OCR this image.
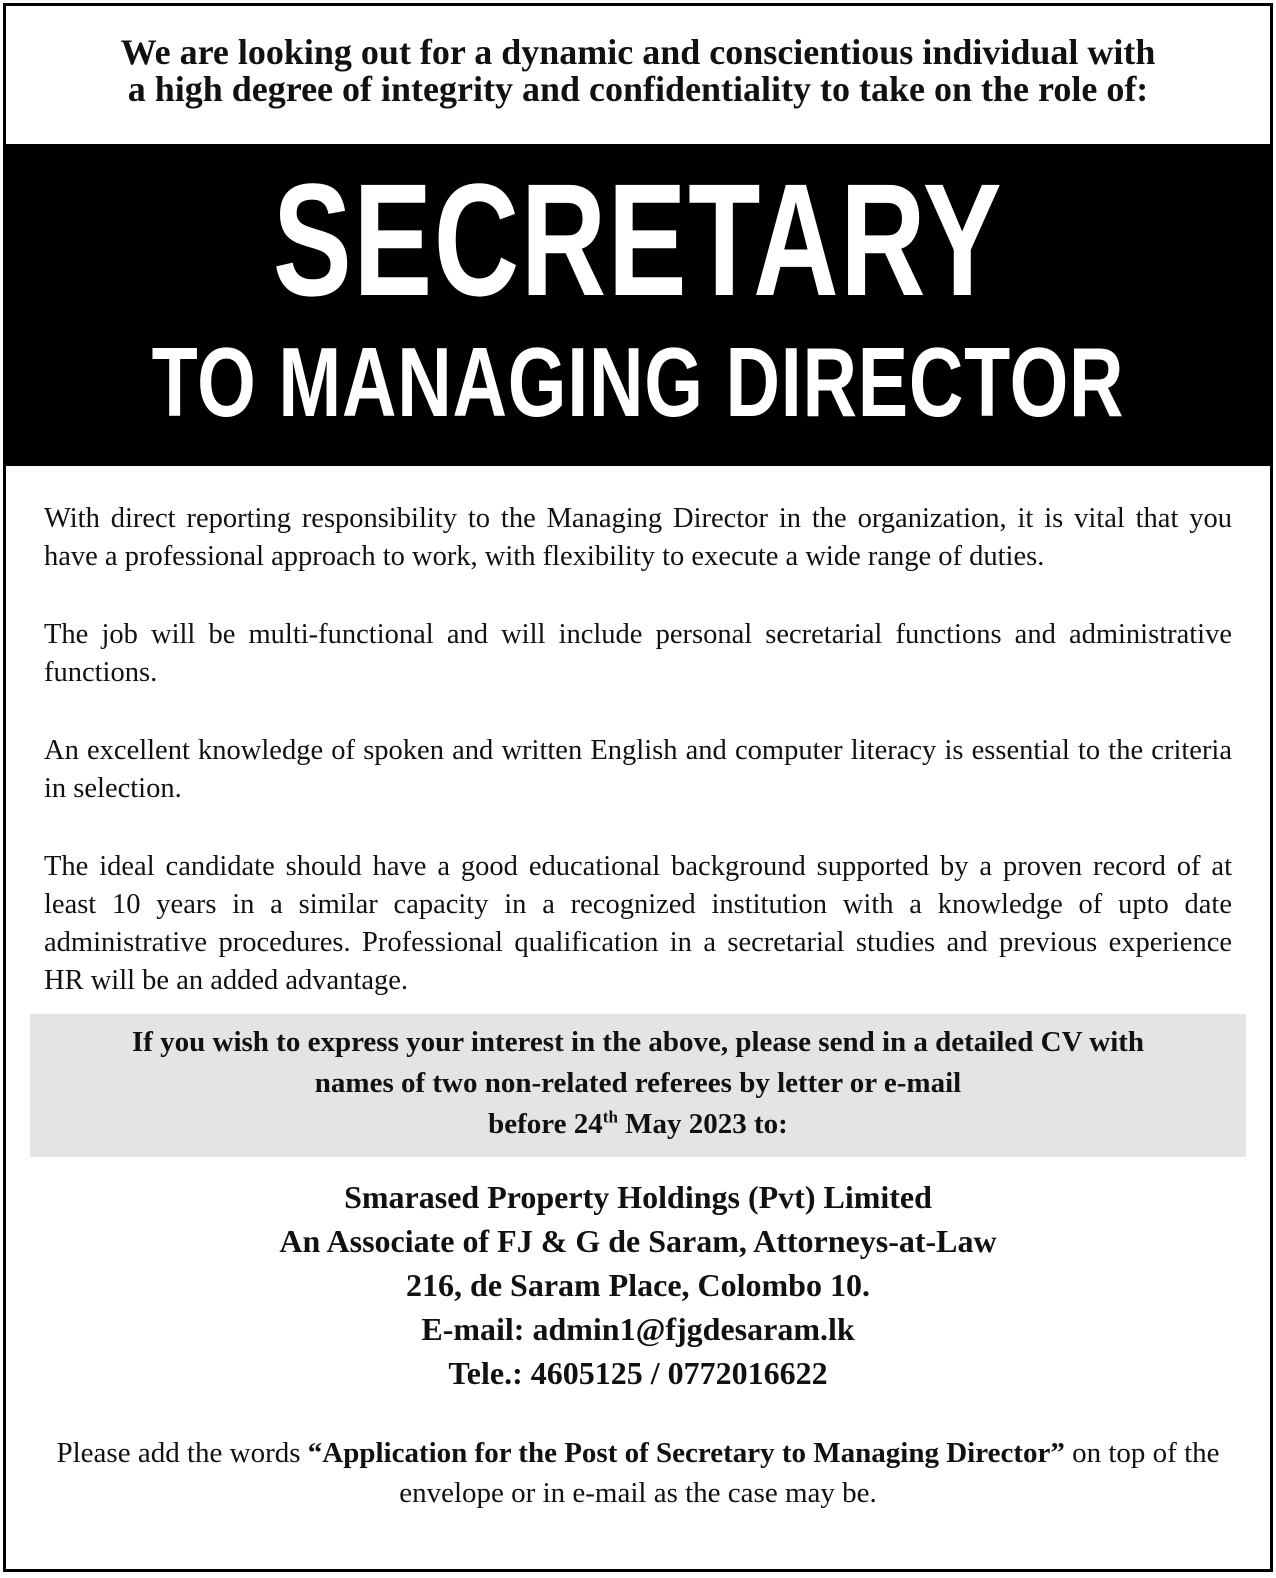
We are looking out for a dynamic and conscientious individual with
a high degree of integrity and confidentiality to take on the role of:
SECRETARY
TO MANAGING DIRECTOR

With direct reporting responsibility to the Managing Director in the organization, it is vital that you have a professional approach to work, with flexibility to execute a wide range of duties.

The job will be multi-functional and will include personal secretarial functions and administrative functions.

An excellent knowledge of spoken and written English and computer literacy is essential to the criteria in selection.

The ideal candidate should have a good educational background supported by a proven record of at least 10 years in a similar capacity in a recognized institution with a knowledge of upto date administrative procedures. Professional qualification in a secretarial studies and previous experience HR will be an added advantage.

If you wish to express your interest in the above, please send in a detailed CV with
names of two non-related referees by letter or e-mail
before 24th May 2023 to:
Smarased Property Holdings (Pvt) Limited
An Associate of FJ & G de Saram, Attorneys-at-Law
216, de Saram Place, Colombo 10.
E-mail: admin1@fjgdesaram.lk
Tele.: 4605125 / 0772016622
Please add the words “Application for the Post of Secretary to Managing Director” on top of the envelope or in e-mail as the case may be.
